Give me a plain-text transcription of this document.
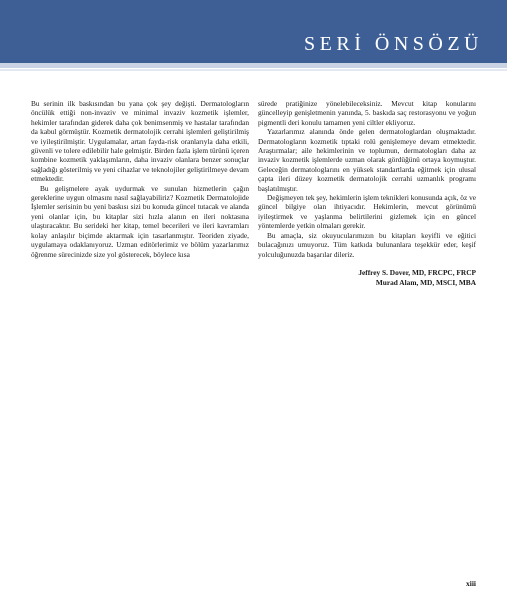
SERİ ÖNSÖZÜ

Bu serinin ilk baskısından bu yana çok şey değişti. Dermatologların öncülük ettiği non-invaziv ve minimal invaziv kozmetik işlemler, hekimler tarafından giderek daha çok benimsenmiş ve hastalar tarafından da kabul görmüştür. Kozmetik dermatolojik cerrahi işlemleri geliştirilmiş ve iyileştirilmiştir. Uygulamalar, artan fayda-risk oranlarıyla daha etkili, güvenli ve tolere edilebilir hale gelmiştir. Birden fazla işlem türünü içeren kombine kozmetik yaklaşımların, daha invaziv olanlara benzer sonuçlar sağladığı gösterilmiş ve yeni cihazlar ve teknolojiler geliştirilmeye devam etmektedir.

Bu gelişmelere ayak uydurmak ve sunulan hizmetlerin çağın gereklerine uygun olmasını nasıl sağlayabiliriz? Kozmetik Dermatolojide İşlemler serisinin bu yeni baskısı sizi bu konuda güncel tutacak ve alanda yeni olanlar için, bu kitaplar sizi hızla alanın en ileri noktasına ulaştıracaktır. Bu serideki her kitap, temel becerileri ve ileri kavramları kolay anlaşılır biçimde aktarmak için tasarlanmıştır. Teoriden ziyade, uygulamaya odaklanıyoruz. Uzman editörlerimiz ve bölüm yazarlarımız öğrenme sürecinizde size yol gösterecek, böylece kısa

sürede pratiğinize yönelebileceksiniz. Mevcut kitap konularını güncelleyip genişletmenin yanında, 5. baskıda saç restorasyonu ve yoğun pigmentli deri konulu tamamen yeni ciltler ekliyoruz.

Yazarlarımız alanında önde gelen dermatologlardan oluşmaktadır. Dermatologların kozmetik tıptaki rolü genişlemeye devam etmektedir. Araştırmalar; aile hekimlerinin ve toplumun, dermatologları daha az invaziv kozmetik işlemlerde uzman olarak gördüğünü ortaya koymuştur. Geleceğin dermatologlarını en yüksek standartlarda eğitmek için ulusal çapta ileri düzey kozmetik dermatolojik cerrahi uzmanlık programı başlatılmıştır.

Değişmeyen tek şey, hekimlerin işlem teknikleri konusunda açık, öz ve güncel bilgiye olan ihtiyacıdır. Hekimlerin, mevcut görünümü iyileştirmek ve yaşlanma belirtilerini gizlemek için en güncel yöntemlerde yetkin olmaları gerekir.

Bu amaçla, siz okuyucularımızın bu kitapları keyifli ve eğitici bulacağınızı umuyoruz. Tüm katkıda bulunanlara teşekkür eder, keşif yolculuğunuzda başarılar dileriz.

Jeffrey S. Dover, MD, FRCPC, FRCP
Murad Alam, MD, MSCI, MBA
xiii
